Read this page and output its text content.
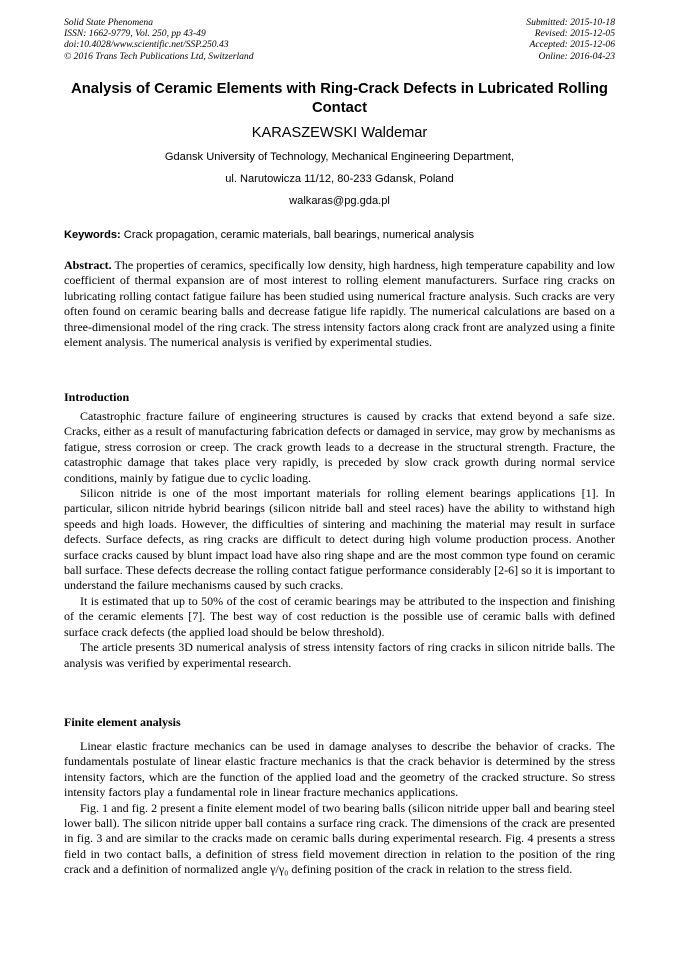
Solid State Phenomena
ISSN: 1662-9779, Vol. 250, pp 43-49
doi:10.4028/www.scientific.net/SSP.250.43
© 2016 Trans Tech Publications Ltd, Switzerland
Submitted: 2015-10-18
Revised: 2015-12-05
Accepted: 2015-12-06
Online: 2016-04-23
Analysis of Ceramic Elements with Ring-Crack Defects in Lubricated Rolling Contact
KARASZEWSKI Waldemar
Gdansk University of Technology, Mechanical Engineering Department,
ul. Narutowicza 11/12, 80-233 Gdansk, Poland
walkaras@pg.gda.pl
Keywords: Crack propagation, ceramic materials, ball bearings, numerical analysis

Abstract. The properties of ceramics, specifically low density, high hardness, high temperature capability and low coefficient of thermal expansion are of most interest to rolling element manufacturers. Surface ring cracks on lubricating rolling contact fatigue failure has been studied using numerical fracture analysis. Such cracks are very often found on ceramic bearing balls and decrease fatigue life rapidly. The numerical calculations are based on a three-dimensional model of the ring crack. The stress intensity factors along crack front are analyzed using a finite element analysis. The numerical analysis is verified by experimental studies.

Introduction

Catastrophic fracture failure of engineering structures is caused by cracks that extend beyond a safe size. Cracks, either as a result of manufacturing fabrication defects or damaged in service, may grow by mechanisms as fatigue, stress corrosion or creep. The crack growth leads to a decrease in the structural strength. Fracture, the catastrophic damage that takes place very rapidly, is preceded by slow crack growth during normal service conditions, mainly by fatigue due to cyclic loading.

Silicon nitride is one of the most important materials for rolling element bearings applications [1]. In particular, silicon nitride hybrid bearings (silicon nitride ball and steel races) have the ability to withstand high speeds and high loads. However, the difficulties of sintering and machining the material may result in surface defects. Surface defects, as ring cracks are difficult to detect during high volume production process. Another surface cracks caused by blunt impact load have also ring shape and are the most common type found on ceramic ball surface. These defects decrease the rolling contact fatigue performance considerably [2-6] so it is important to understand the failure mechanisms caused by such cracks.

It is estimated that up to 50% of the cost of ceramic bearings may be attributed to the inspection and finishing of the ceramic elements [7]. The best way of cost reduction is the possible use of ceramic balls with defined surface crack defects (the applied load should be below threshold).

The article presents 3D numerical analysis of stress intensity factors of ring cracks in silicon nitride balls. The analysis was verified by experimental research.

Finite element analysis

Linear elastic fracture mechanics can be used in damage analyses to describe the behavior of cracks. The fundamentals postulate of linear elastic fracture mechanics is that the crack behavior is determined by the stress intensity factors, which are the function of the applied load and the geometry of the cracked structure. So stress intensity factors play a fundamental role in linear fracture mechanics applications.

Fig. 1 and fig. 2 present a finite element model of two bearing balls (silicon nitride upper ball and bearing steel lower ball). The silicon nitride upper ball contains a surface ring crack. The dimensions of the crack are presented in fig. 3 and are similar to the cracks made on ceramic balls during experimental research. Fig. 4 presents a stress field in two contact balls, a definition of stress field movement direction in relation to the position of the ring crack and a definition of normalized angle γ/γ₀ defining position of the crack in relation to the stress field.
